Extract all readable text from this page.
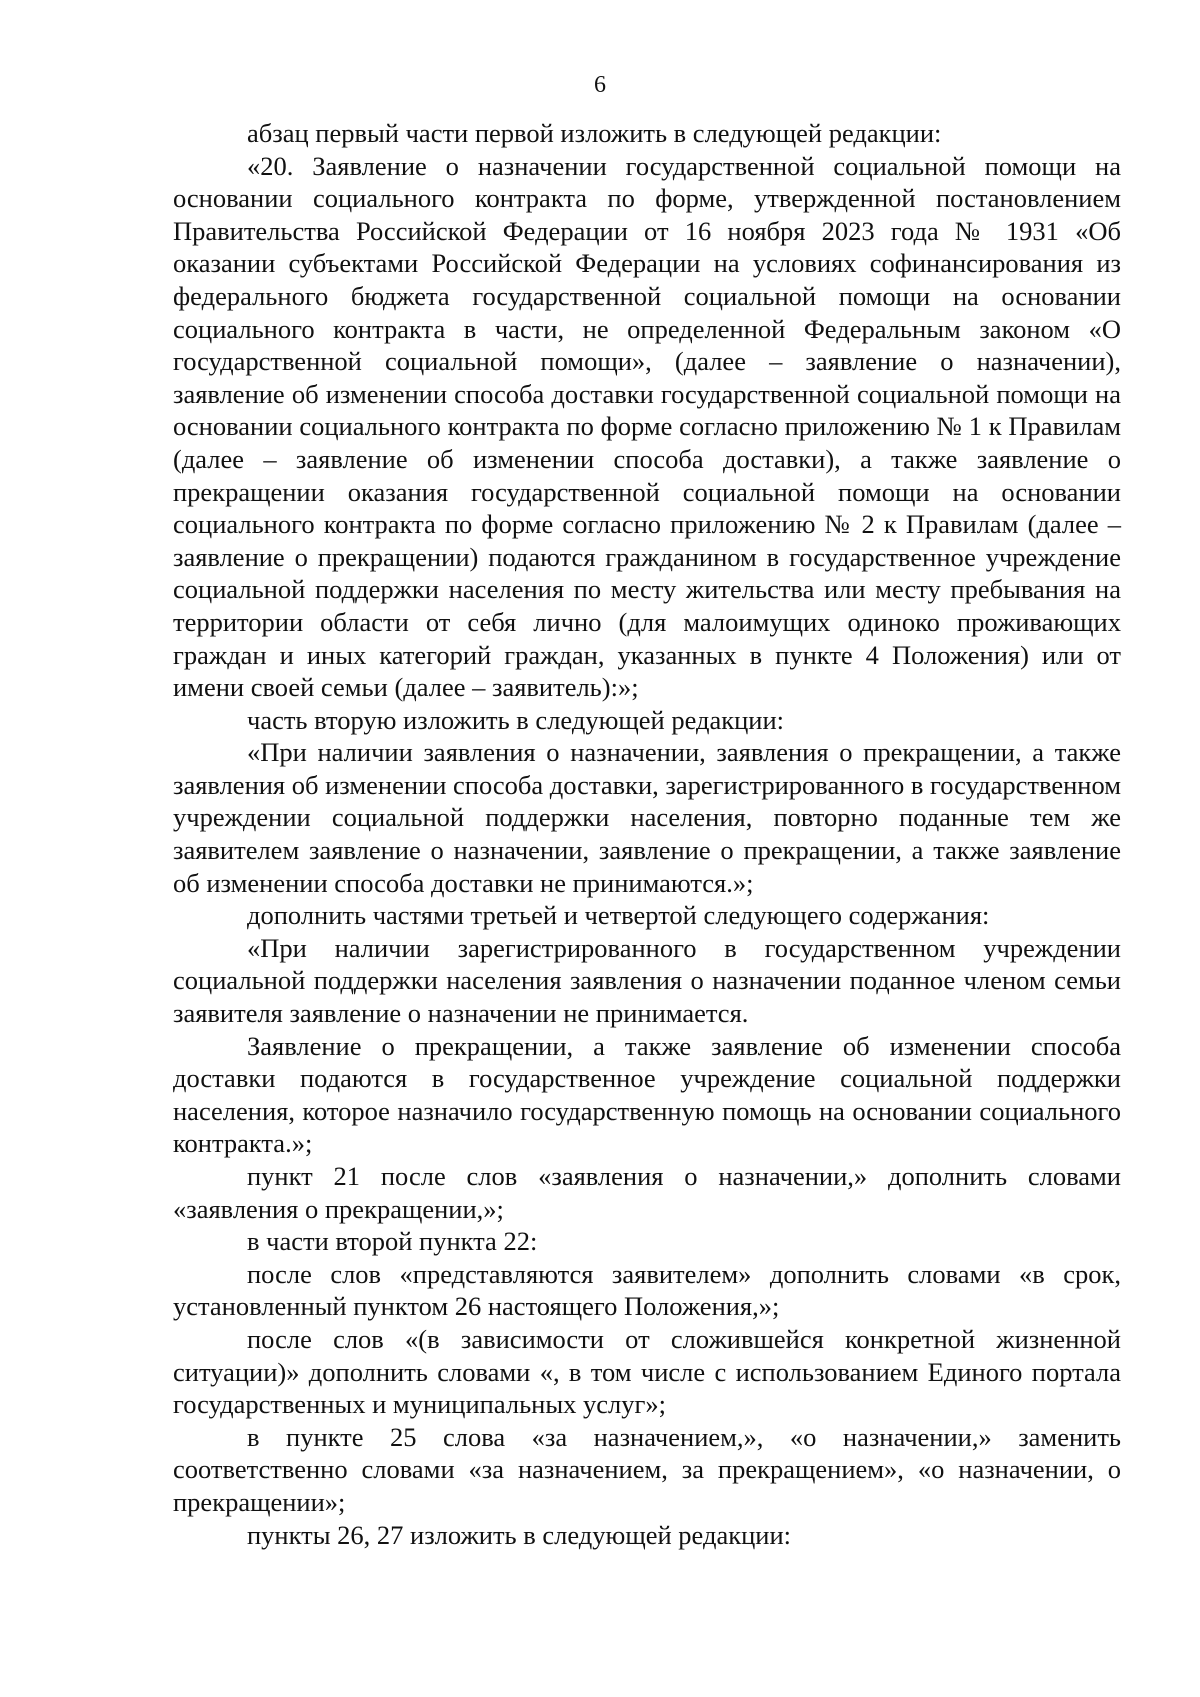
6

абзац первый части первой изложить в следующей редакции:

«20. Заявление о назначении государственной социальной помощи на основании социального контракта по форме, утвержденной постановлением Правительства Российской Федерации от 16 ноября 2023 года № 1931 «Об оказании субъектами Российской Федерации на условиях софинансирования из федерального бюджета государственной социальной помощи на основании социального контракта в части, не определенной Федеральным законом «О государственной социальной помощи», (далее – заявление о назначении), заявление об изменении способа доставки государственной социальной помощи на основании социального контракта по форме согласно приложению № 1 к Правилам (далее – заявление об изменении способа доставки), а также заявление о прекращении оказания государственной социальной помощи на основании социального контракта по форме согласно приложению № 2 к Правилам (далее – заявление о прекращении) подаются гражданином в государственное учреждение социальной поддержки населения по месту жительства или месту пребывания на территории области от себя лично (для малоимущих одиноко проживающих граждан и иных категорий граждан, указанных в пункте 4 Положения) или от имени своей семьи (далее – заявитель):»;

часть вторую изложить в следующей редакции:

«При наличии заявления о назначении, заявления о прекращении, а также заявления об изменении способа доставки, зарегистрированного в государственном учреждении социальной поддержки населения, повторно поданные тем же заявителем заявление о назначении, заявление о прекращении, а также заявление об изменении способа доставки не принимаются.»;

дополнить частями третьей и четвертой следующего содержания:

«При наличии зарегистрированного в государственном учреждении социальной поддержки населения заявления о назначении поданное членом семьи заявителя заявление о назначении не принимается.

Заявление о прекращении, а также заявление об изменении способа доставки подаются в государственное учреждение социальной поддержки населения, которое назначило государственную помощь на основании социального контракта.»;

пункт 21 после слов «заявления о назначении,» дополнить словами «заявления о прекращении,»;

в части второй пункта 22:

после слов «представляются заявителем» дополнить словами «в срок, установленный пунктом 26 настоящего Положения,»;

после слов «(в зависимости от сложившейся конкретной жизненной ситуации)» дополнить словами «, в том числе с использованием Единого портала государственных и муниципальных услуг»;

в пункте 25 слова «за назначением,», «о назначении,» заменить соответственно словами «за назначением, за прекращением», «о назначении, о прекращении»;

пункты 26, 27 изложить в следующей редакции:
